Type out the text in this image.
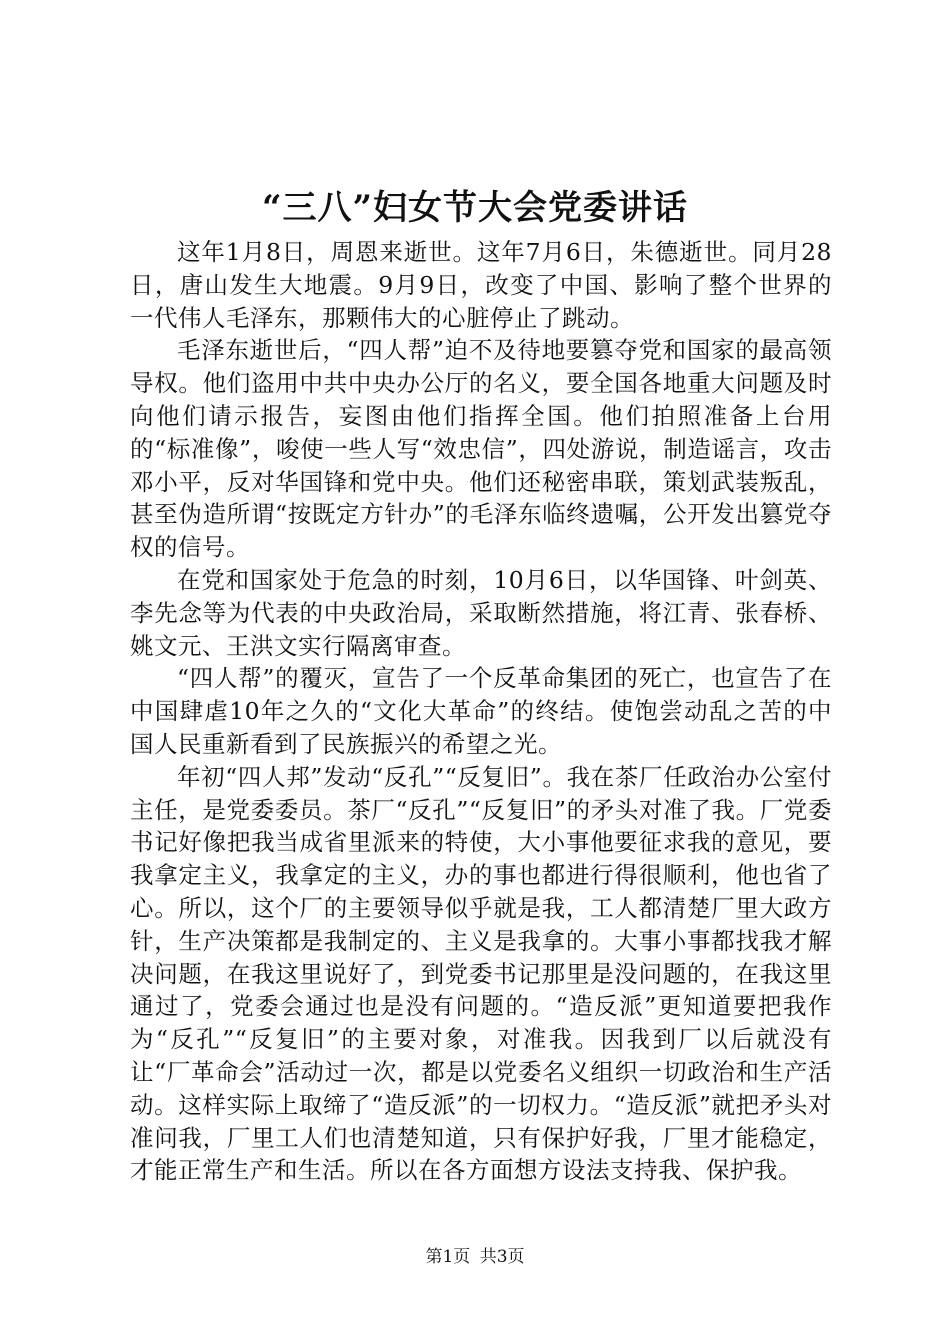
“三八”妇女节大会党委讲话

这年1月8日，周恩来逝世。这年7月6日，朱德逝世。同月28日，唐山发生大地震。9月9日，改变了中国、影响了整个世界的一代伟人毛泽东，那颗伟大的心脏停止了跳动。

毛泽东逝世后，“四人帮”迫不及待地要篡夺党和国家的最高领导权。他们盗用中共中央办公厅的名义，要全国各地重大问题及时向他们请示报告，妄图由他们指挥全国。他们拍照准备上台用的“标准像”，唆使一些人写“效忠信”，四处游说，制造谣言，攻击邓小平，反对华国锋和党中央。他们还秘密串联，策划武装叛乱，甚至伪造所谓“按既定方针办”的毛泽东临终遗嘱，公开发出篡党夺权的信号。

在党和国家处于危急的时刻，10月6日，以华国锋、叶剑英、李先念等为代表的中央政治局，采取断然措施，将江青、张春桥、姚文元、王洪文实行隔离审查。

“四人帮”的覆灭，宣告了一个反革命集团的死亡，也宣告了在中国肆虐10年之久的“文化大革命”的终结。使饱尝动乱之苦的中国人民重新看到了民族振兴的希望之光。

年初“四人邦”发动“反孔”“反复旧”。我在茶厂任政治办公室付主任，是党委委员。茶厂“反孔”“反复旧”的矛头对准了我。厂党委书记好像把我当成省里派来的特使，大小事他要征求我的意见，要我拿定主义，我拿定的主义，办的事也都进行得很顺利，他也省了心。所以，这个厂的主要领导似乎就是我，工人都清楚厂里大政方针，生产决策都是我制定的、主义是我拿的。大事小事都找我才解决问题，在我这里说好了，到党委书记那里是没问题的，在我这里通过了，党委会通过也是没有问题的。“造反派”更知道要把我作为“反孔”“反复旧”的主要对象，对准我。因我到厂以后就没有让“厂革命会”活动过一次，都是以党委名义组织一切政治和生产活动。这样实际上取缔了“造反派”的一切权力。“造反派”就把矛头对准问我，厂里工人们也清楚知道，只有保护好我，厂里才能稳定，才能正常生产和生活。所以在各方面想方设法支持我、保护我。

第1页 共3页
